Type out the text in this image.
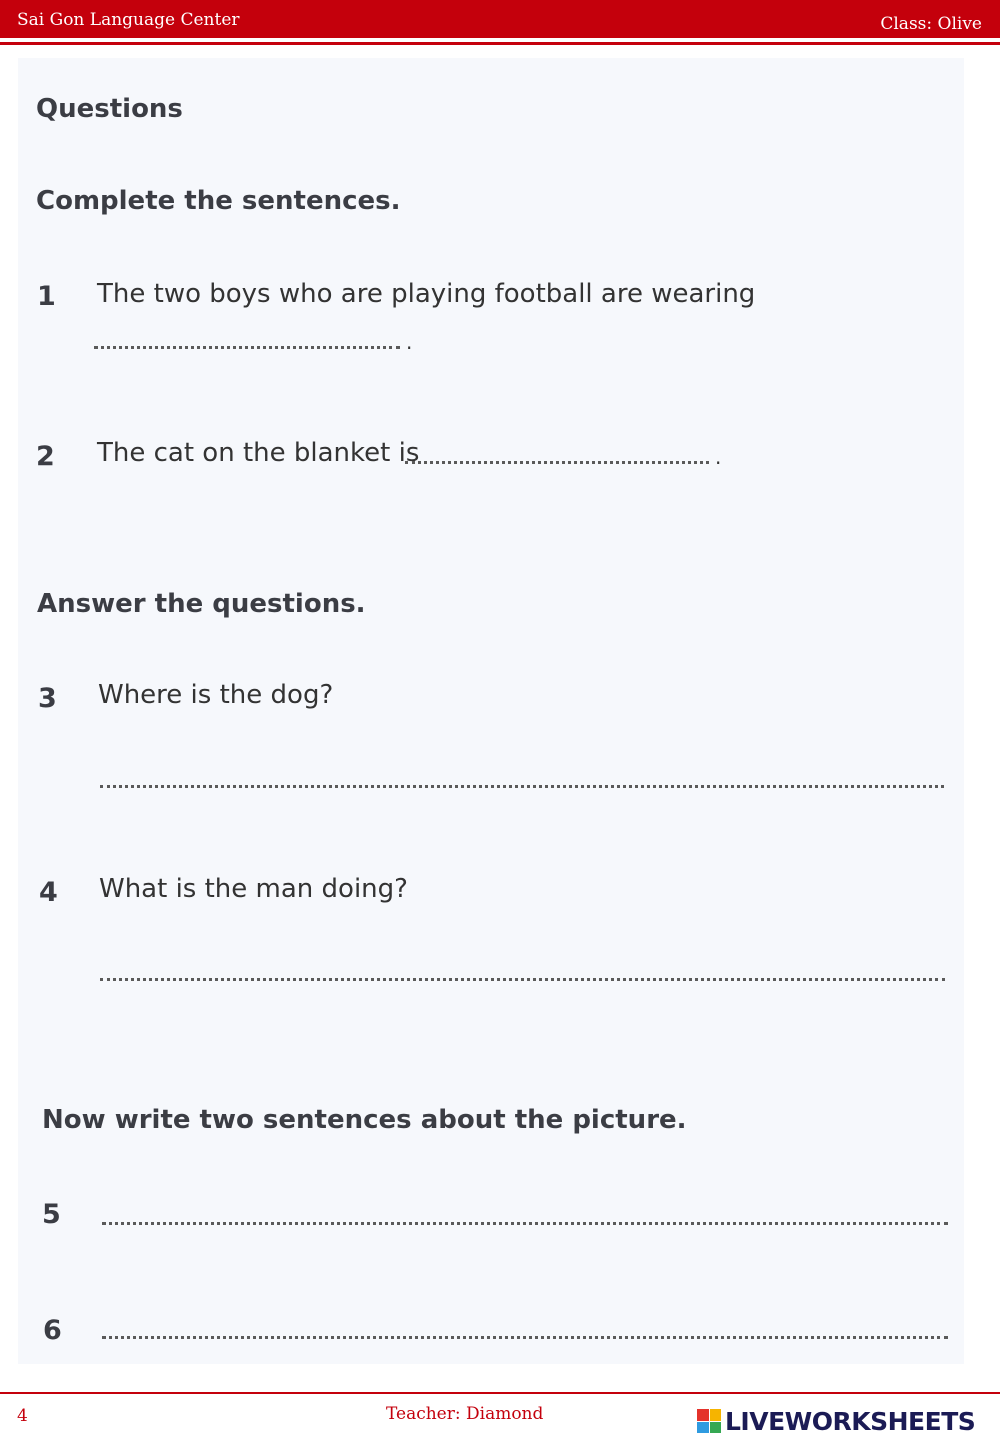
Sai Gon Language Center	Class: Olive
Questions
Complete the sentences.
1 The two boys who are playing football are wearing
.
2 The cat on the blanket is	.
Answer the questions.
3 Where is the dog?
4 What is the man doing?
Now write two sentences about the picture.
5
6
4	Teacher: Diamond	LIVEWORKSHEETS
